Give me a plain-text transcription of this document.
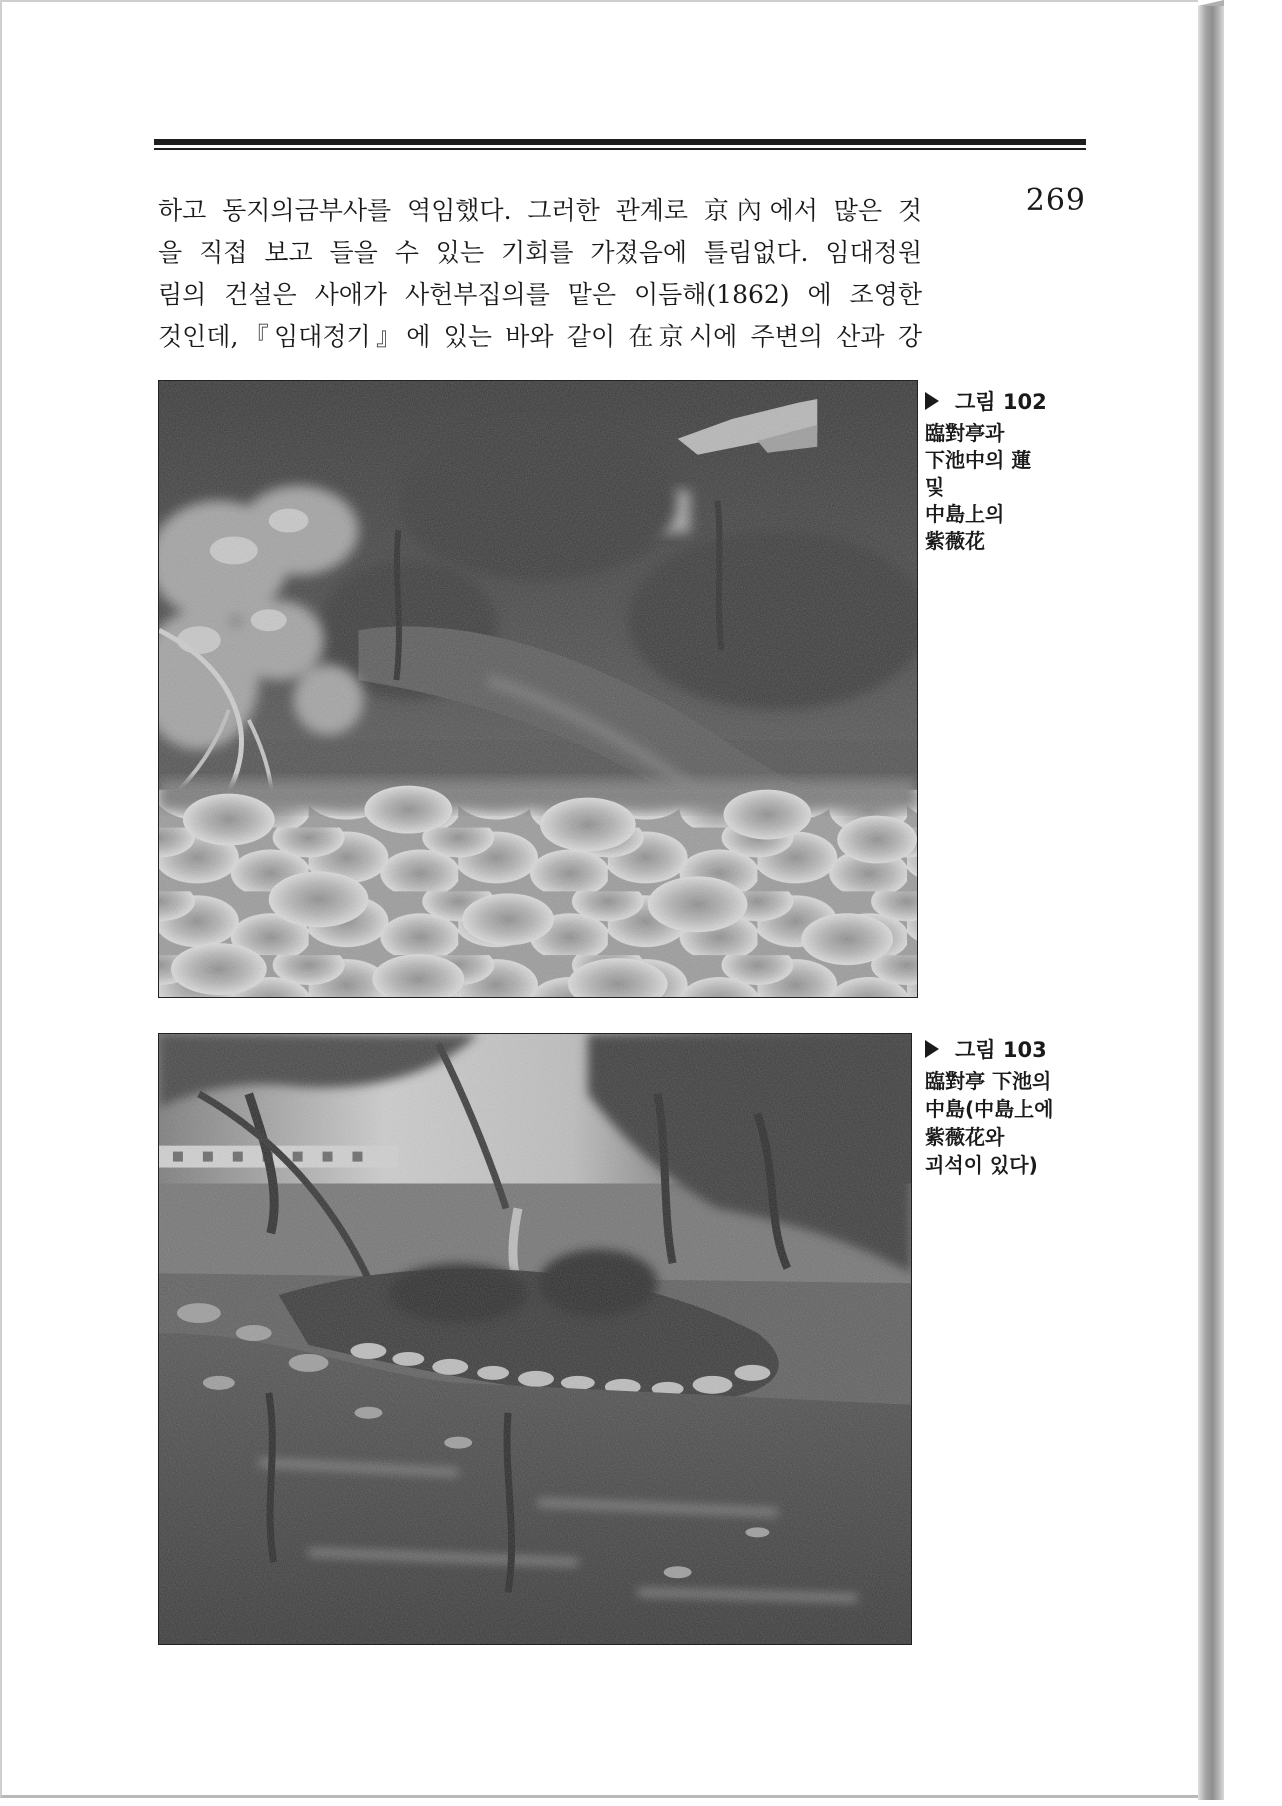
269
하고 동지의금부사를 역임했다. 그러한 관계로 京內에서 많은 것
을 직접 보고 들을 수 있는 기회를 가졌음에 틀림없다. 임대정원
림의 건설은 사애가 사헌부집의를 맡은 이듬해(1862) 에 조영한
것인데,『임대정기』에 있는 바와 같이 在京시에 주변의 산과 강
그림 102
臨對亭과
下池中의 蓮
및
中島上의
紫薇花
그림 103
臨對亭 下池의
中島(中島上에
紫薇花와
괴석이 있다)
